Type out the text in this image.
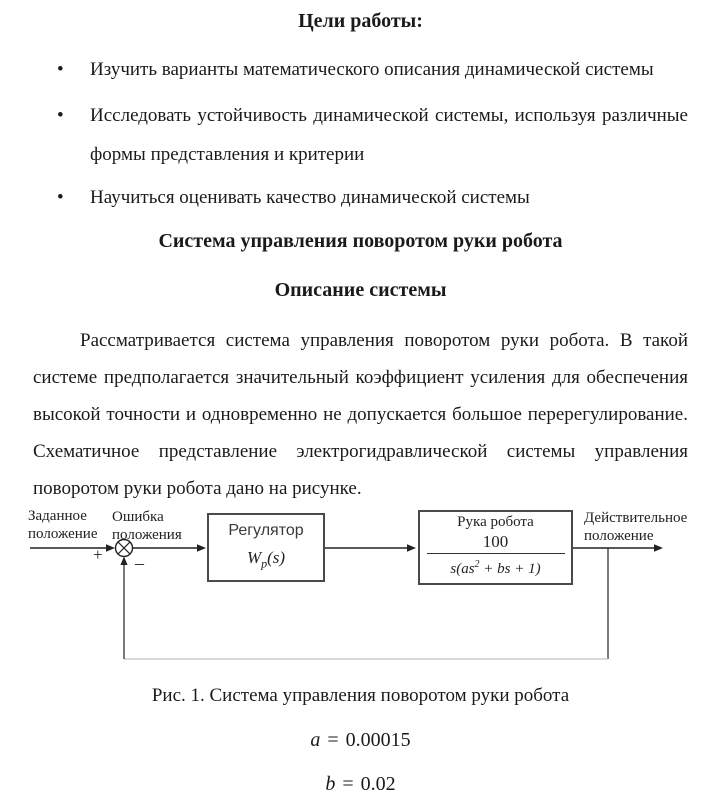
Цели работы:
• Изучить варианты математического описания динамической системы
• Исследовать устойчивость динамической системы, используя различные формы представления и критерии
• Научиться оценивать качество динамической системы
Система управления поворотом руки робота
Описание системы
Рассматривается система управления поворотом руки робота. В такой системе предполагается значительный коэффициент усиления для обеспечения высокой точности и одновременно не допускается большое перерегулирование. Схематичное представление электрогидравлической системы управления поворотом руки робота дано на рисунке.
Заданное положение
Ошибка положения
Действительное положение
+ –
Регулятор
$W_p(s)$
Рука робота
$\frac{100}{s(as^2 + bs + 1)}$
Рис. 1. Система управления поворотом руки робота
a = 0.00015
b = 0.02
